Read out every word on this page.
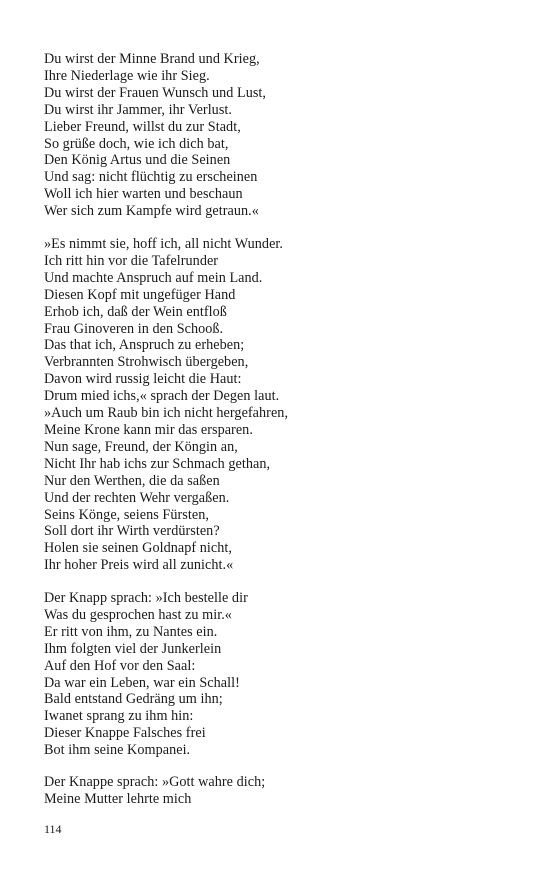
Du wirst der Minne Brand und Krieg,
Ihre Niederlage wie ihr Sieg.
Du wirst der Frauen Wunsch und Lust,
Du wirst ihr Jammer, ihr Verlust.
Lieber Freund, willst du zur Stadt,
So grüße doch, wie ich dich bat,
Den König Artus und die Seinen
Und sag: nicht flüchtig zu erscheinen
Woll ich hier warten und beschaun
Wer sich zum Kampfe wird getraun.«
»Es nimmt sie, hoff ich, all nicht Wunder.
Ich ritt hin vor die Tafelrunder
Und machte Anspruch auf mein Land.
Diesen Kopf mit ungefüger Hand
Erhob ich, daß der Wein entfloß
Frau Ginoveren in den Schooß.
Das that ich, Anspruch zu erheben;
Verbrannten Strohwisch übergeben,
Davon wird russig leicht die Haut:
Drum mied ichs,« sprach der Degen laut.
»Auch um Raub bin ich nicht hergefahren,
Meine Krone kann mir das ersparen.
Nun sage, Freund, der Köngin an,
Nicht Ihr hab ichs zur Schmach gethan,
Nur den Werthen, die da saßen
Und der rechten Wehr vergaßen.
Seins Könge, seiens Fürsten,
Soll dort ihr Wirth verdürsten?
Holen sie seinen Goldnapf nicht,
Ihr hoher Preis wird all zunicht.«
Der Knapp sprach: »Ich bestelle dir
Was du gesprochen hast zu mir.«
Er ritt von ihm, zu Nantes ein.
Ihm folgten viel der Junkerlein
Auf den Hof vor den Saal:
Da war ein Leben, war ein Schall!
Bald entstand Gedräng um ihn;
Iwanet sprang zu ihm hin:
Dieser Knappe Falsches frei
Bot ihm seine Kompanei.
Der Knappe sprach: »Gott wahre dich;
Meine Mutter lehrte mich
114
